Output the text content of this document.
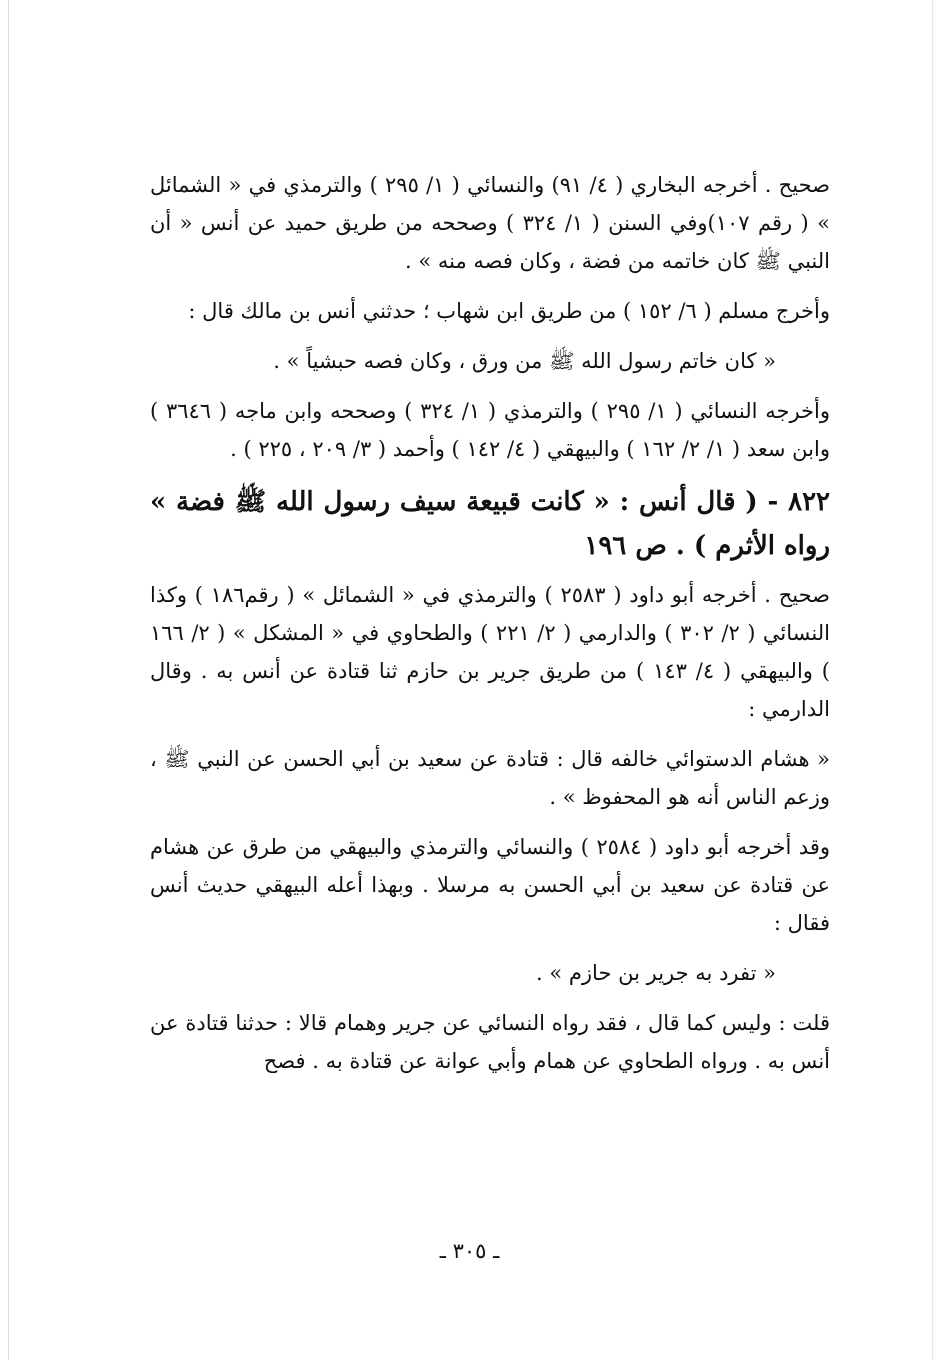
صحيح . أخرجه البخاري ( ٤/ ٩١) والنسائي ( ١/ ٢٩٥ ) والترمذي في « الشمائل » ( رقم ١٠٧)وفي السنن ( ١/ ٣٢٤ ) وصححه من طريق حميد عن أنس « أن النبي ﷺ كان خاتمه من فضة ، وكان فصه منه » .

وأخرج مسلم ( ٦/ ١٥٢ ) من طريق ابن شهاب ؛ حدثني أنس بن مالك قال :

« كان خاتم رسول الله ﷺ من ورق ، وكان فصه حبشياً » .

وأخرجه النسائي ( ١/ ٢٩٥ ) والترمذي ( ١/ ٣٢٤ ) وصححه وابن ماجه ( ٣٦٤٦ ) وابن سعد ( ١/ ٢/ ١٦٢ ) والبيهقي ( ٤/ ١٤٢ ) وأحمد ( ٣/ ٢٠٩ ، ٢٢٥ ) .

٨٢٢ - ( قال أنس : « كانت قبيعة سيف رسول الله ﷺ فضة » رواه الأثرم ) . ص ١٩٦

صحيح . أخرجه أبو داود ( ٢٥٨٣ ) والترمذي في « الشمائل » ( رقم١٨٦ ) وكذا النسائي ( ٢/ ٣٠٢ ) والدارمي ( ٢/ ٢٢١ ) والطحاوي في « المشكل » ( ٢/ ١٦٦ ) والبيهقي ( ٤/ ١٤٣ ) من طريق جرير بن حازم ثنا قتادة عن أنس به . وقال الدارمي :

« هشام الدستوائي خالفه قال : قتادة عن سعيد بن أبي الحسن عن النبي ﷺ ، وزعم الناس أنه هو المحفوظ » .

وقد أخرجه أبو داود ( ٢٥٨٤ ) والنسائي والترمذي والبيهقي من طرق عن هشام عن قتادة عن سعيد بن أبي الحسن به مرسلا . وبهذا أعله البيهقي حديث أنس فقال :

« تفرد به جرير بن حازم » .

قلت : وليس كما قال ، فقد رواه النسائي عن جرير وهمام قالا : حدثنا قتادة عن أنس به . ورواه الطحاوي عن همام وأبي عوانة عن قتادة به . فصح

ـ ٣٠٥ ـ
